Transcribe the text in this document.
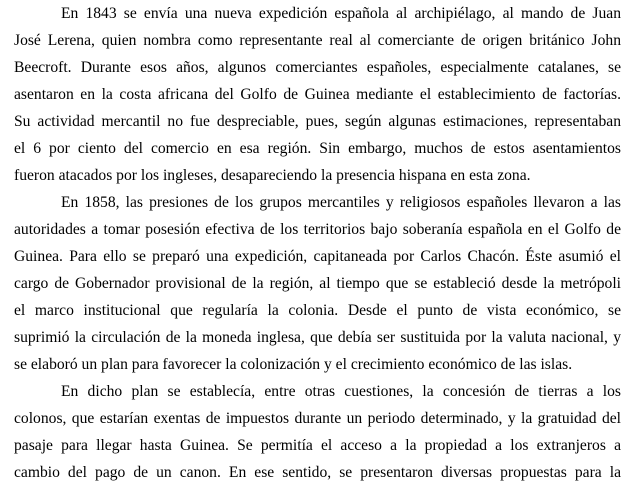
En 1843 se envía una nueva expedición española al archipiélago, al mando de Juan
José Lerena, quien nombra como representante real al comerciante de origen británico John
Beecroft. Durante esos años, algunos comerciantes españoles, especialmente catalanes, se
asentaron en la costa africana del Golfo de Guinea mediante el establecimiento de factorías.
Su actividad mercantil no fue despreciable, pues, según algunas estimaciones, representaban
el 6 por ciento del comercio en esa región. Sin embargo, muchos de estos asentamientos
fueron atacados por los ingleses, desapareciendo la presencia hispana en esta zona.
En 1858, las presiones de los grupos mercantiles y religiosos españoles llevaron a las
autoridades a tomar posesión efectiva de los territorios bajo soberanía española en el Golfo de
Guinea. Para ello se preparó una expedición, capitaneada por Carlos Chacón. Éste asumió el
cargo de Gobernador provisional de la región, al tiempo que se estableció desde la metrópoli
el marco institucional que regularía la colonia. Desde el punto de vista económico, se
suprimió la circulación de la moneda inglesa, que debía ser sustituida por la valuta nacional, y
se elaboró un plan para favorecer la colonización y el crecimiento económico de las islas.
En dicho plan se establecía, entre otras cuestiones, la concesión de tierras a los
colonos, que estarían exentas de impuestos durante un periodo determinado, y la gratuidad del
pasaje para llegar hasta Guinea. Se permitía el acceso a la propiedad a los extranjeros a
cambio del pago de un canon. En ese sentido, se presentaron diversas propuestas para la
